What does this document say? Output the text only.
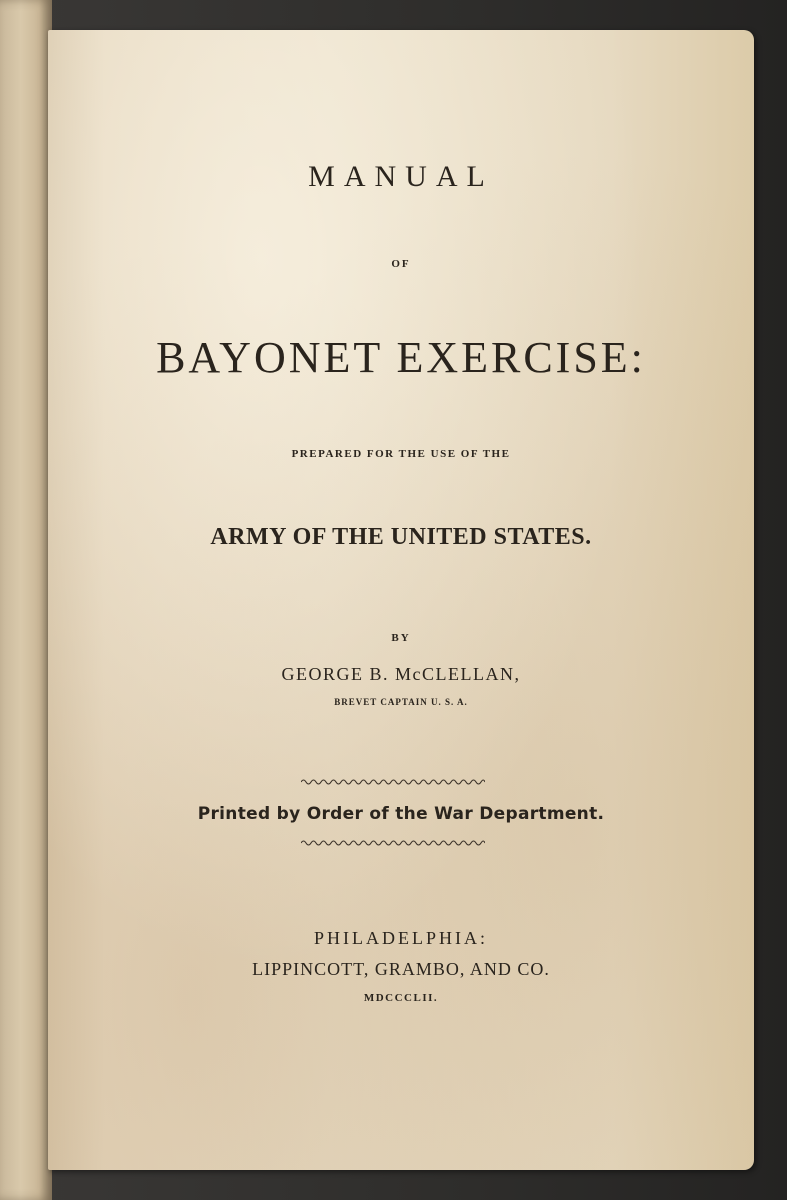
MANUAL
OF
BAYONET EXERCISE:
PREPARED FOR THE USE OF THE
ARMY OF THE UNITED STATES.
BY
GEORGE B. McCLELLAN,
BREVET CAPTAIN U. S. A.
Printed by Order of the War Department.
PHILADELPHIA:
LIPPINCOTT, GRAMBO, AND CO.
MDCCCLII.
